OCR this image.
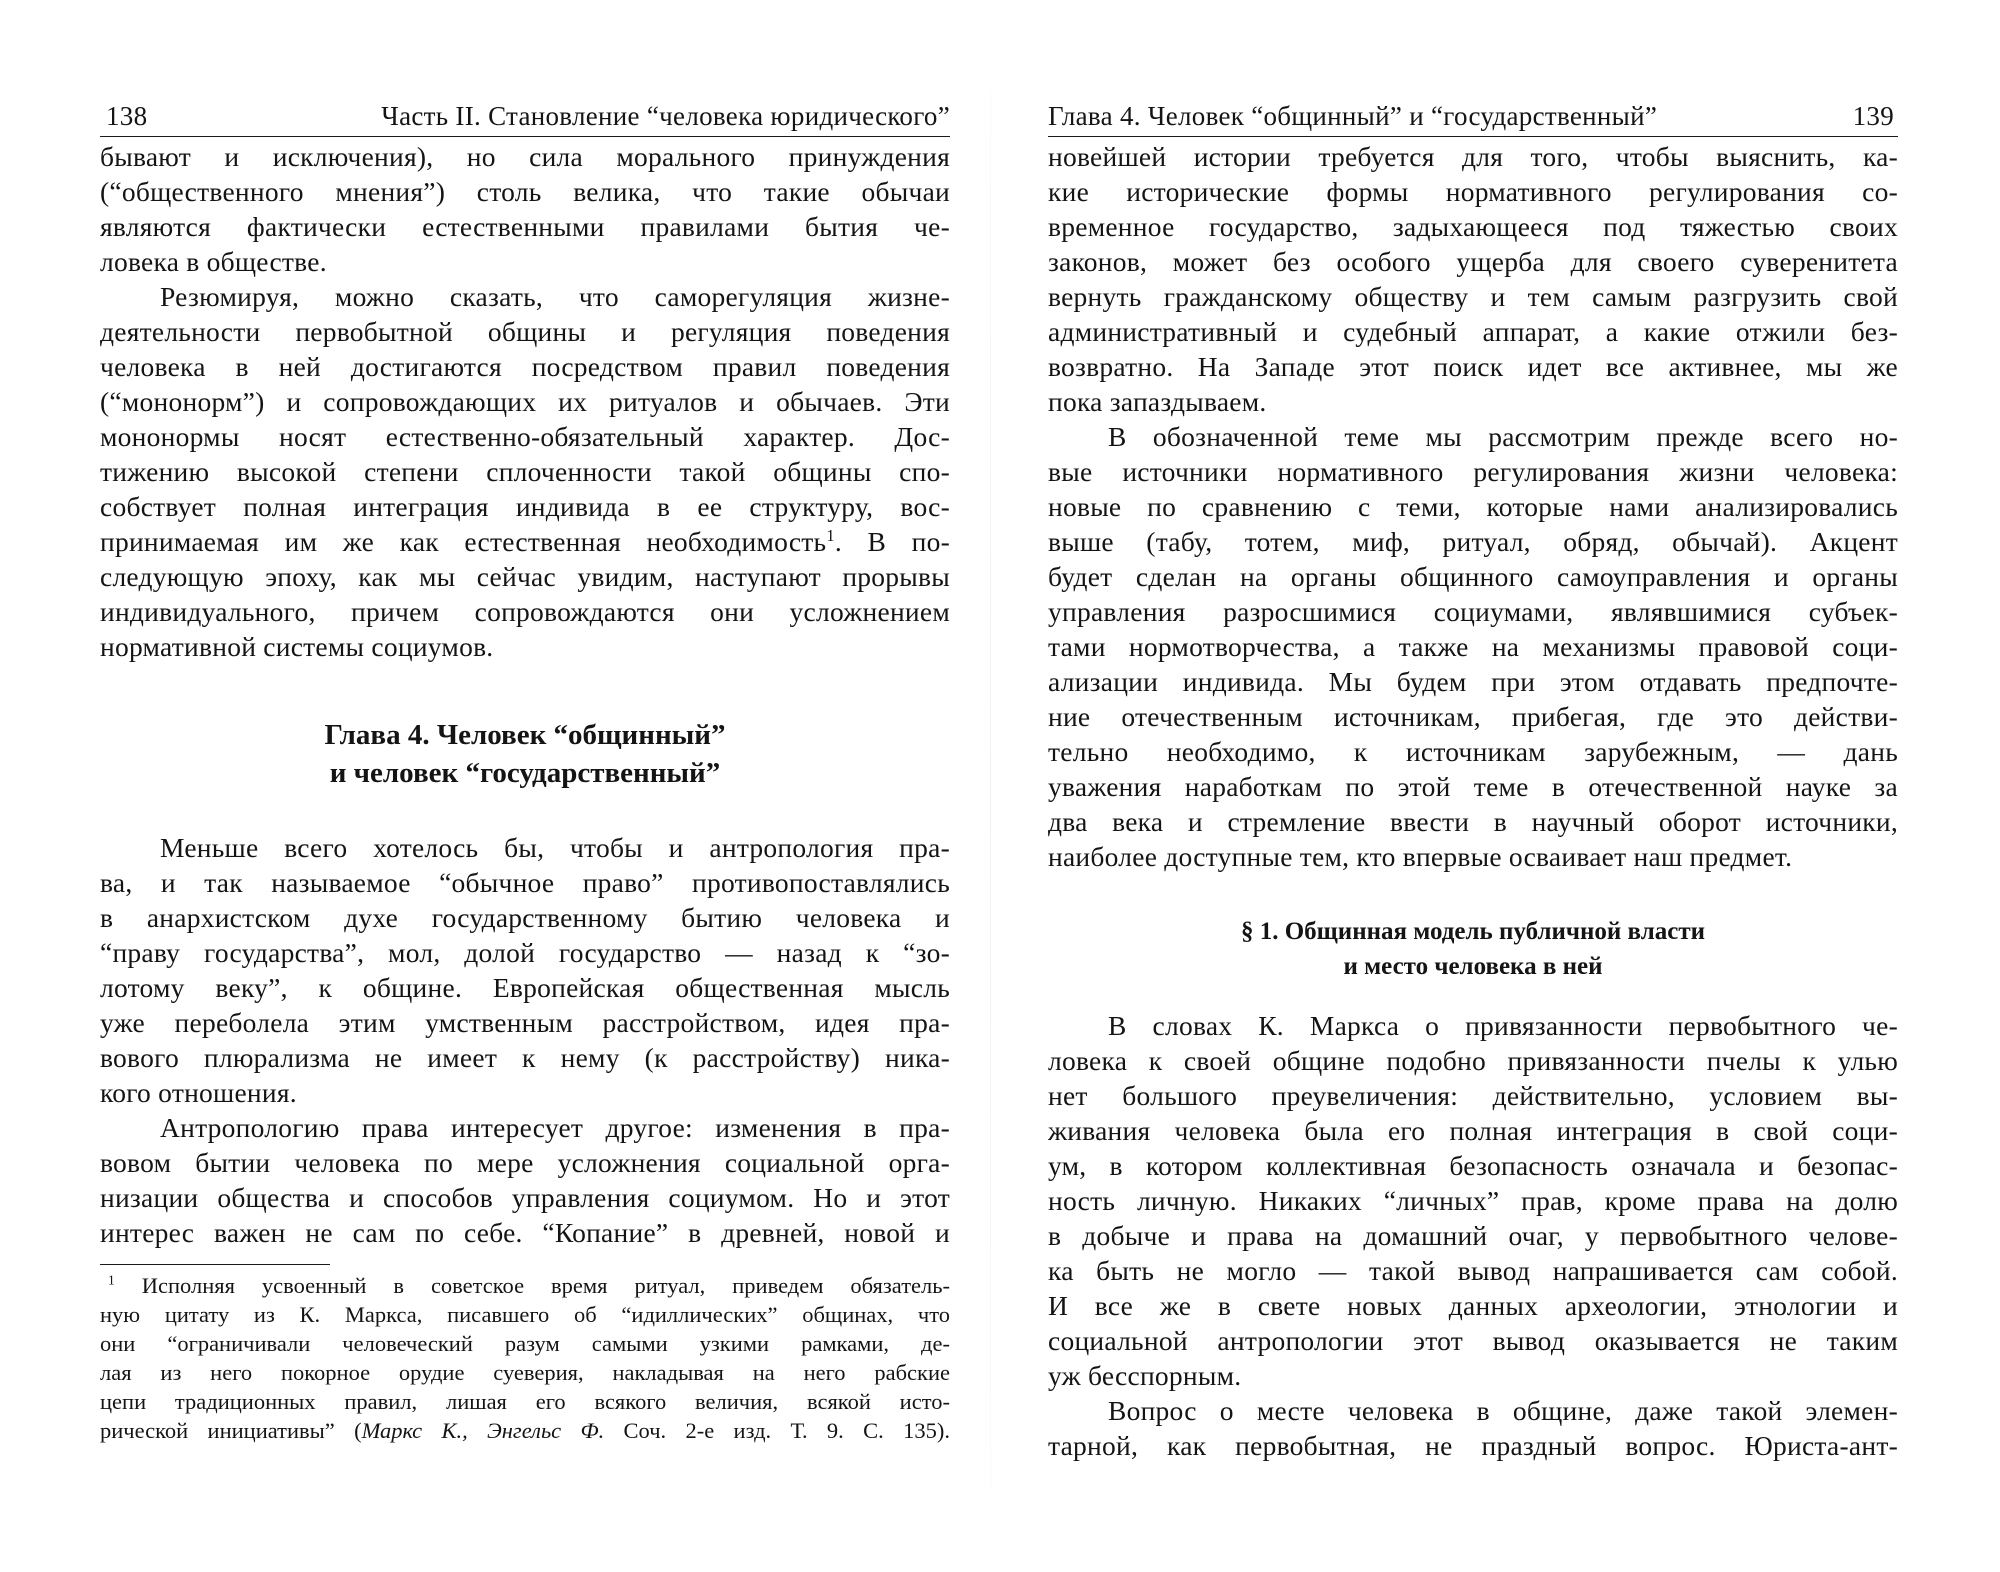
138	Часть II. Становление “человека юридического”
бывают и исключения), но сила морального принуждения
(“общественного мнения”) столь велика, что такие обычаи
являются фактически естественными правилами бытия че-
ловека в обществе.
Резюмируя, можно сказать, что саморегуляция жизне-
деятельности первобытной общины и регуляция поведения
человека в ней достигаются посредством правил поведения
(“мононорм”) и сопровождающих их ритуалов и обычаев. Эти
мононормы носят естественно-обязательный характер. Дос-
тижению высокой степени сплоченности такой общины спо-
собствует полная интеграция индивида в ее структуру, вос-
принимаемая им же как естественная необходимость$^1$. В по-
следующую эпоху, как мы сейчас увидим, наступают прорывы
индивидуального, причем сопровождаются они усложнением
нормативной системы социумов.
Глава 4. Человек “общинный”
и человек “государственный”
Меньше всего хотелось бы, чтобы и антропология пра-
ва, и так называемое “обычное право” противопоставлялись
в анархистском духе государственному бытию человека и
“праву государства”, мол, долой государство — назад к “зо-
лотому веку”, к общине. Европейская общественная мысль
уже переболела этим умственным расстройством, идея пра-
вового плюрализма не имеет к нему (к расстройству) ника-
кого отношения.
Антропологию права интересует другое: изменения в пра-
вовом бытии человека по мере усложнения социальной орга-
низации общества и способов управления социумом. Но и этот
интерес важен не сам по себе. “Копание” в древней, новой и
$^1$ Исполняя усвоенный в советское время ритуал, приведем обязатель-
ную цитату из К. Маркса, писавшего об “идиллических” общинах, что
они “ограничивали человеческий разум самыми узкими рамками, де-
лая из него покорное орудие суеверия, накладывая на него рабские
цепи традиционных правил, лишая его всякого величия, всякой исто-
рической инициативы” (Маркс К., Энгельс Ф. Соч. 2-е изд. Т. 9. С. 135).
Глава 4. Человек “общинный” и “государственный”	139
новейшей истории требуется для того, чтобы выяснить, ка-
кие исторические формы нормативного регулирования со-
временное государство, задыхающееся под тяжестью своих
законов, может без особого ущерба для своего суверенитета
вернуть гражданскому обществу и тем самым разгрузить свой
административный и судебный аппарат, а какие отжили без-
возвратно. На Западе этот поиск идет все активнее, мы же
пока запаздываем.
В обозначенной теме мы рассмотрим прежде всего но-
вые источники нормативного регулирования жизни человека:
новые по сравнению с теми, которые нами анализировались
выше (табу, тотем, миф, ритуал, обряд, обычай). Акцент
будет сделан на органы общинного самоуправления и органы
управления разросшимися социумами, являвшимися субъек-
тами нормотворчества, а также на механизмы правовой соци-
ализации индивида. Мы будем при этом отдавать предпочте-
ние отечественным источникам, прибегая, где это действи-
тельно необходимо, к источникам зарубежным, — дань
уважения наработкам по этой теме в отечественной науке за
два века и стремление ввести в научный оборот источники,
наиболее доступные тем, кто впервые осваивает наш предмет.
§ 1. Общинная модель публичной власти
и место человека в ней
В словах К. Маркса о привязанности первобытного че-
ловека к своей общине подобно привязанности пчелы к улью
нет большого преувеличения: действительно, условием вы-
живания человека была его полная интеграция в свой соци-
ум, в котором коллективная безопасность означала и безопас-
ность личную. Никаких “личных” прав, кроме права на долю
в добыче и права на домашний очаг, у первобытного челове-
ка быть не могло — такой вывод напрашивается сам собой.
И все же в свете новых данных археологии, этнологии и
социальной антропологии этот вывод оказывается не таким
уж бесспорным.
Вопрос о месте человека в общине, даже такой элемен-
тарной, как первобытная, не праздный вопрос. Юриста-ант-
